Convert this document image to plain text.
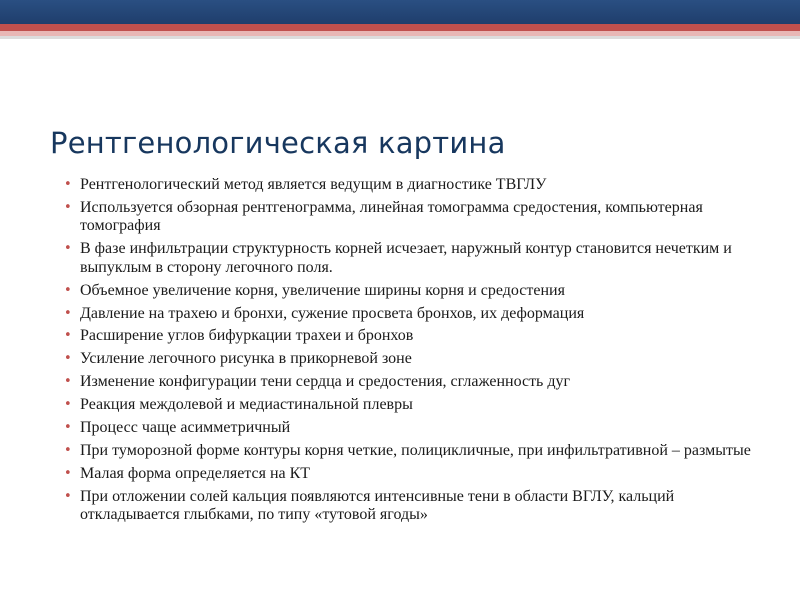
Рентгенологическая картина
• Рентгенологический метод является ведущим в диагностике ТВГЛУ
• Используется обзорная рентгенограмма, линейная томограмма средостения, компьютерная томография
• В фазе инфильтрации структурность корней исчезает, наружный контур становится нечетким и выпуклым в сторону легочного поля.
• Объемное увеличение корня, увеличение ширины корня и средостения
• Давление на трахею и бронхи, сужение просвета бронхов, их деформация
• Расширение углов бифуркации трахеи и бронхов
• Усиление легочного рисунка в прикорневой зоне
• Изменение конфигурации тени сердца и средостения, сглаженность дуг
• Реакция междолевой и медиастинальной плевры
• Процесс чаще асимметричный
• При туморозной форме контуры корня четкие, полицикличные, при инфильтративной – размытые
• Малая форма определяется на КТ
• При отложении солей кальция появляются интенсивные тени в области ВГЛУ, кальций откладывается глыбками, по типу «тутовой ягоды»
